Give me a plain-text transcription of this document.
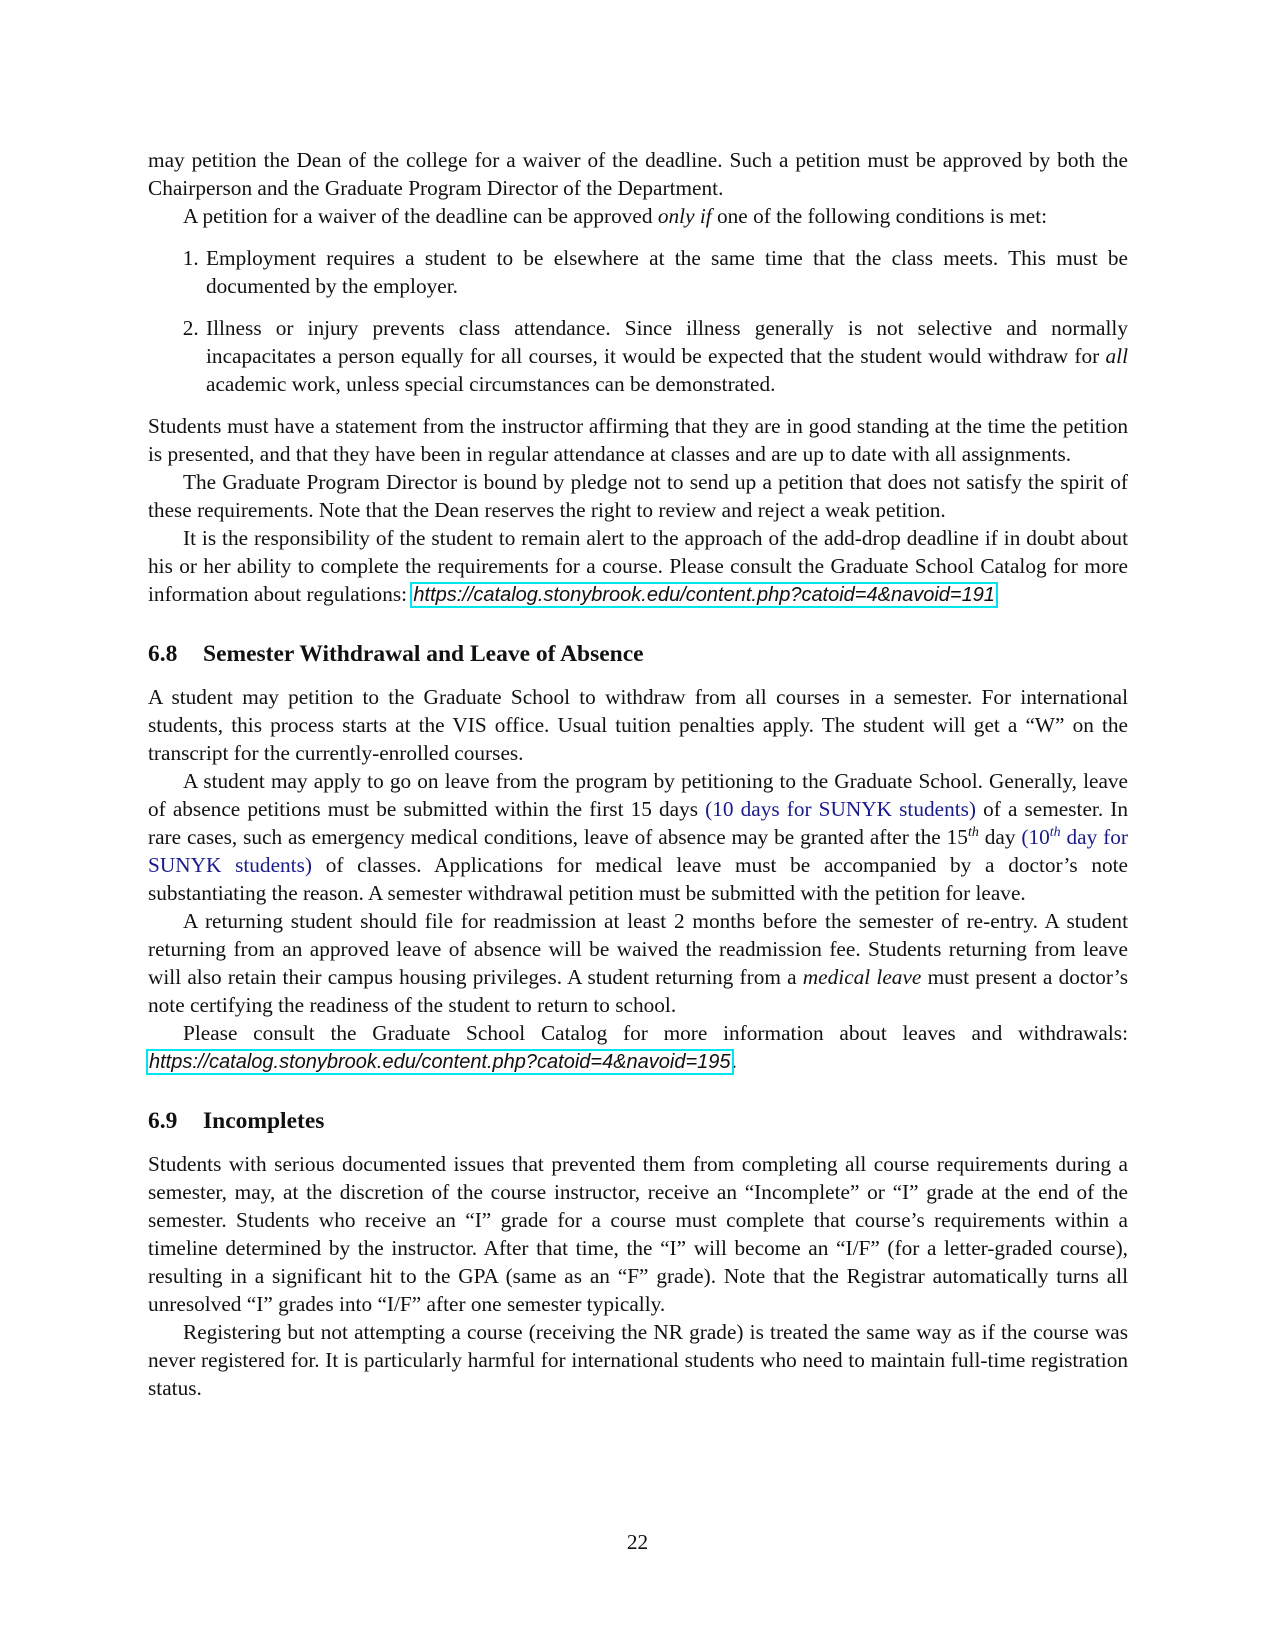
may petition the Dean of the college for a waiver of the deadline. Such a petition must be approved by both the Chairperson and the Graduate Program Director of the Department.

A petition for a waiver of the deadline can be approved only if one of the following conditions is met:

1. Employment requires a student to be elsewhere at the same time that the class meets. This must be documented by the employer.
2. Illness or injury prevents class attendance. Since illness generally is not selective and normally incapacitates a person equally for all courses, it would be expected that the student would withdraw for all academic work, unless special circumstances can be demonstrated.

Students must have a statement from the instructor affirming that they are in good standing at the time the petition is presented, and that they have been in regular attendance at classes and are up to date with all assignments.

The Graduate Program Director is bound by pledge not to send up a petition that does not satisfy the spirit of these requirements. Note that the Dean reserves the right to review and reject a weak petition.

It is the responsibility of the student to remain alert to the approach of the add-drop deadline if in doubt about his or her ability to complete the requirements for a course. Please consult the Graduate School Catalog for more information about regulations: https://catalog.stonybrook.edu/content.php?catoid=4&navoid=191

6.8 Semester Withdrawal and Leave of Absence

A student may petition to the Graduate School to withdraw from all courses in a semester. For international students, this process starts at the VIS office. Usual tuition penalties apply. The student will get a “W” on the transcript for the currently-enrolled courses.

A student may apply to go on leave from the program by petitioning to the Graduate School. Generally, leave of absence petitions must be submitted within the first 15 days (10 days for SUNYK students) of a semester. In rare cases, such as emergency medical conditions, leave of absence may be granted after the 15th day (10th day for SUNYK students) of classes. Applications for medical leave must be accompanied by a doctor’s note substantiating the reason. A semester withdrawal petition must be submitted with the petition for leave.

A returning student should file for readmission at least 2 months before the semester of re-entry. A student returning from an approved leave of absence will be waived the readmission fee. Students returning from leave will also retain their campus housing privileges. A student returning from a medical leave must present a doctor’s note certifying the readiness of the student to return to school.

Please consult the Graduate School Catalog for more information about leaves and withdrawals: https://catalog.stonybrook.edu/content.php?catoid=4&navoid=195.

6.9 Incompletes

Students with serious documented issues that prevented them from completing all course requirements during a semester, may, at the discretion of the course instructor, receive an “Incomplete” or “I” grade at the end of the semester. Students who receive an “I” grade for a course must complete that course’s requirements within a timeline determined by the instructor. After that time, the “I” will become an “I/F” (for a letter-graded course), resulting in a significant hit to the GPA (same as an “F” grade). Note that the Registrar automatically turns all unresolved “I” grades into “I/F” after one semester typically.

Registering but not attempting a course (receiving the NR grade) is treated the same way as if the course was never registered for. It is particularly harmful for international students who need to maintain full-time registration status.

22
